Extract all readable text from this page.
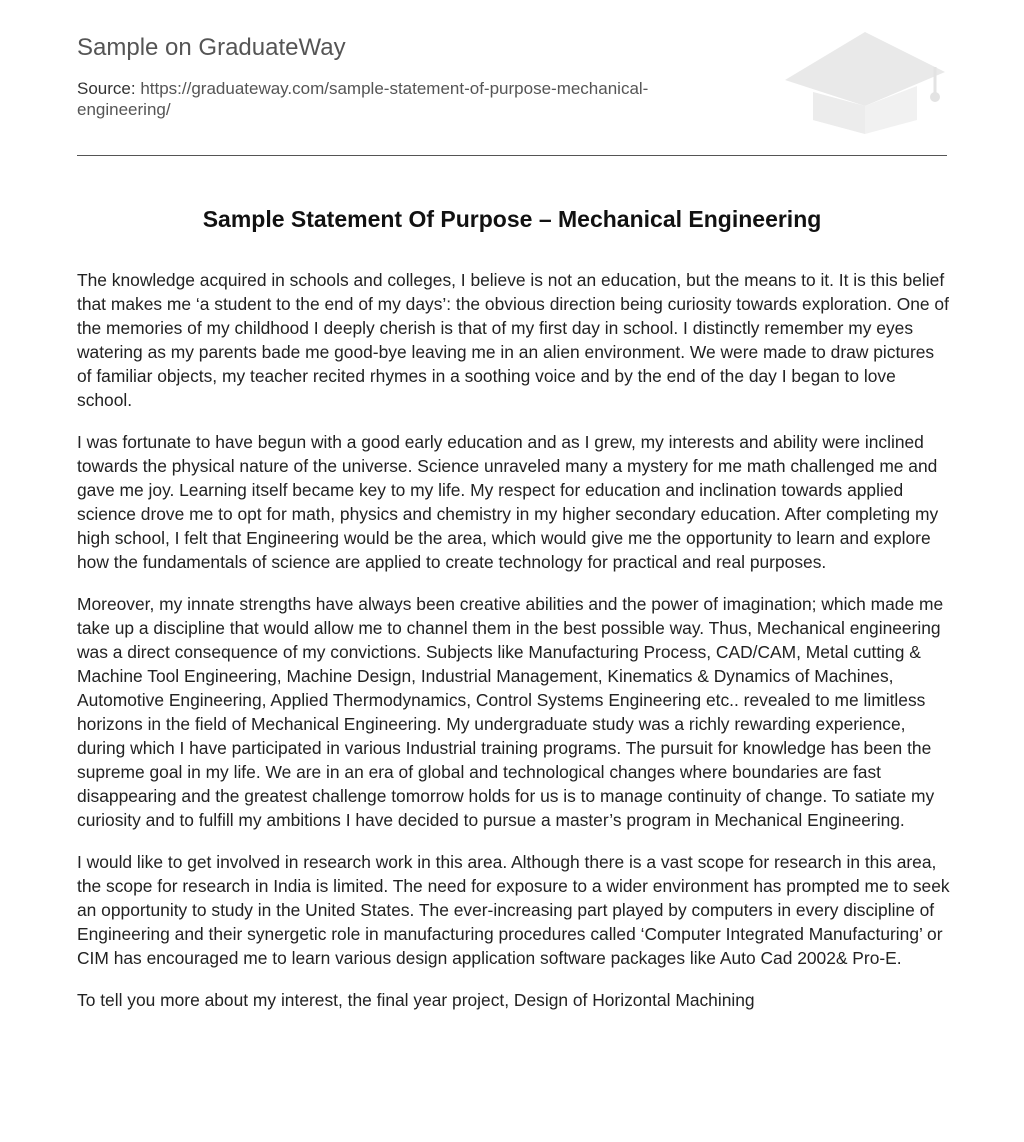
Sample on GraduateWay
Source: https://graduateway.com/sample-statement-of-purpose-mechanical-engineering/
Sample Statement Of Purpose – Mechanical Engineering

The knowledge acquired in schools and colleges, I believe is not an education, but the means to it. It is this belief that makes me ‘a student to the end of my days’: the obvious direction being curiosity towards exploration. One of the memories of my childhood I deeply cherish is that of my first day in school. I distinctly remember my eyes watering as my parents bade me good-bye leaving me in an alien environment. We were made to draw pictures of familiar objects, my teacher recited rhymes in a soothing voice and by the end of the day I began to love school.

I was fortunate to have begun with a good early education and as I grew, my interests and ability were inclined towards the physical nature of the universe. Science unraveled many a mystery for me math challenged me and gave me joy. Learning itself became key to my life. My respect for education and inclination towards applied science drove me to opt for math, physics and chemistry in my higher secondary education. After completing my high school, I felt that Engineering would be the area, which would give me the opportunity to learn and explore how the fundamentals of science are applied to create technology for practical and real purposes.

Moreover, my innate strengths have always been creative abilities and the power of imagination; which made me take up a discipline that would allow me to channel them in the best possible way. Thus, Mechanical engineering was a direct consequence of my convictions. Subjects like Manufacturing Process, CAD/CAM, Metal cutting & Machine Tool Engineering, Machine Design, Industrial Management, Kinematics & Dynamics of Machines, Automotive Engineering, Applied Thermodynamics, Control Systems Engineering etc.. revealed to me limitless horizons in the field of Mechanical Engineering. My undergraduate study was a richly rewarding experience, during which I have participated in various Industrial training programs. The pursuit for knowledge has been the supreme goal in my life. We are in an era of global and technological changes where boundaries are fast disappearing and the greatest challenge tomorrow holds for us is to manage continuity of change. To satiate my curiosity and to fulfill my ambitions I have decided to pursue a master’s program in Mechanical Engineering.

I would like to get involved in research work in this area. Although there is a vast scope for research in this area, the scope for research in India is limited. The need for exposure to a wider environment has prompted me to seek an opportunity to study in the United States. The ever-increasing part played by computers in every discipline of Engineering and their synergetic role in manufacturing procedures called ‘Computer Integrated Manufacturing’ or CIM has encouraged me to learn various design application software packages like Auto Cad 2002& Pro-E.

To tell you more about my interest, the final year project, Design of Horizontal Machining
